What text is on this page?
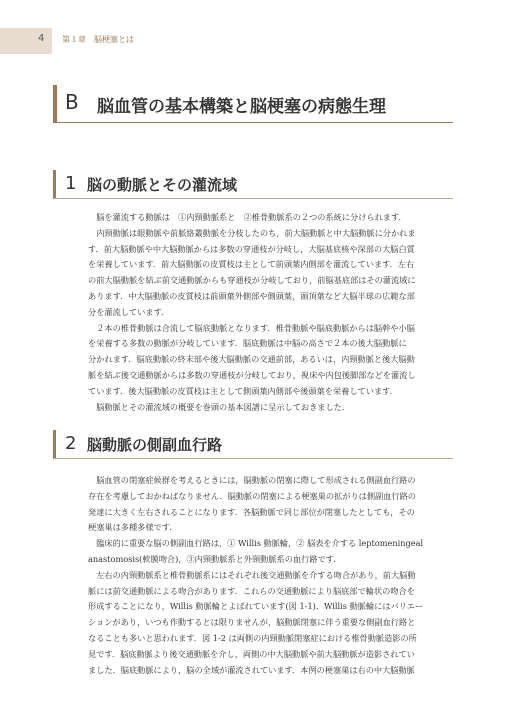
4 第１章　脳梗塞とは
B 脳血管の基本構築と脳梗塞の病態生理
1 脳の動脈とその灌流域
　脳を灌流する動脈は　①内頸動脈系と　②椎骨動脈系の２つの系統に分けられます．
　内頸動脈は眼動脈や前脈絡叢動脈を分枝したのち，前大脳動脈と中大脳動脈に分かれま
す．前大脳動脈や中大脳動脈からは多数の穿通枝が分岐し，大脳基底核や深部の大脳白質
を栄養しています．前大脳動脈の皮質枝は主として前頭葉内側部を灌流しています．左右
の前大脳動脈を結ぶ前交通動脈からも穿通枝が分岐しており，前脳基底部はその灌流域に
あります．中大脳動脈の皮質枝は前頭葉外側部や側頭葉，頭頂葉など大脳半球の広範な部
分を灌流しています．
　２本の椎骨動脈は合流して脳底動脈となります．椎骨動脈や脳底動脈からは脳幹や小脳
を栄養する多数の動脈が分岐しています．脳底動脈は中脳の高さで２本の後大脳動脈に
分かれます．脳底動脈の終末部や後大脳動脈の交通前部，あるいは，内頸動脈と後大脳動
脈を結ぶ後交通動脈からは多数の穿通枝が分岐しており，視床や内包後脚部などを灌流し
ています．後大脳動脈の皮質枝は主として側頭葉内側部や後頭葉を栄養しています．
　脳動脈とその灌流域の概要を巻頭の基本図譜に呈示しておきました．
2 脳動脈の側副血行路
　脳血管の閉塞症候群を考えるときには，脳動脈の閉塞に際して形成される側副血行路の
存在を考慮しておかねばなりません．脳動脈の閉塞による梗塞巣の拡がりは側副血行路の
発達に大きく左右されることになります．各脳動脈で同じ部位が閉塞したとしても，その
梗塞巣は多種多様です．
　臨床的に重要な脳の側副血行路は，① Willis 動脈輪，② 脳表を介する leptomeningeal
anastomosis(軟膜吻合)，③内頸動脈系と外頸動脈系の血行路です．
　左右の内頸動脈系と椎骨動脈系にはそれぞれ後交通動脈を介する吻合があり，前大脳動
脈には前交通動脈による吻合があります．これらの交通動脈により脳底部で輪状の吻合を
形成することになり，Willis 動脈輪とよばれています(図 1-1)．Willis 動脈輪にはバリエー
ションがあり，いつも作動するとは限りませんが，脳動脈閉塞に伴う重要な側副血行路と
なることも多いと思われます．図 1-2 は両側の内頸動脈閉塞症における椎骨動脈造影の所
見です．脳底動脈より後交通動脈を介し，両側の中大脳動脈や前大脳動脈が造影されてい
ました．脳底動脈により，脳の全域が灌流されています．本例の梗塞巣は右の中大脳動脈
